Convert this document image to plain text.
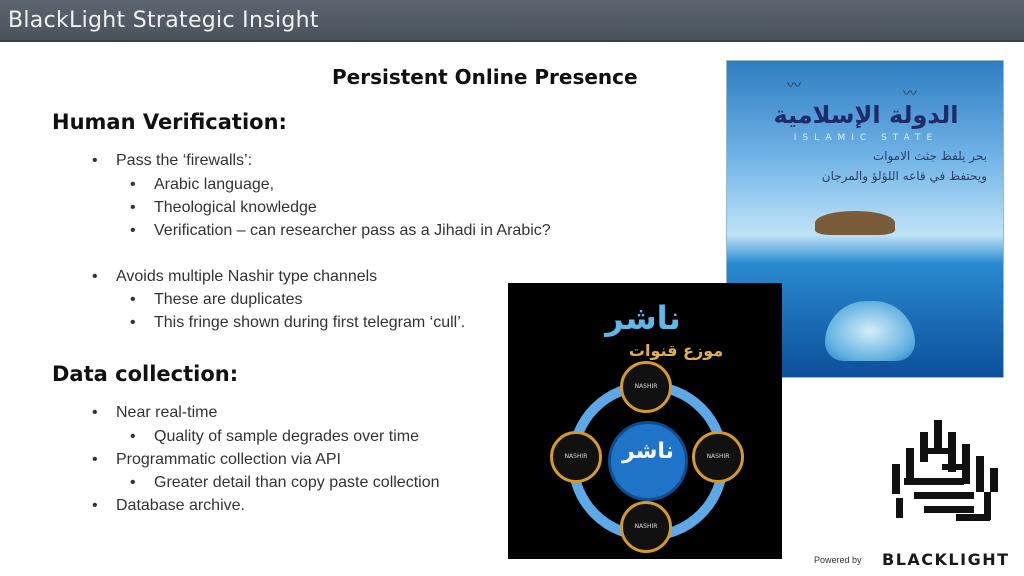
BlackLight Strategic Insight
Persistent Online Presence
Human Verification:
• Pass the ‘firewalls’:
• Arabic language,
• Theological knowledge
• Verification – can researcher pass as a Jihadi in Arabic?
• Avoids multiple Nashir type channels
• These are duplicates
• This fringe shown during first telegram ‘cull’.
Data collection:
• Near real-time
• Quality of sample degrades over time
• Programmatic collection via API
• Greater detail than copy paste collection
• Database archive.
〰	〰
الدولة الإسلامية
ISLAMIC STATE
بحر يلفظ جثث الاموات
ويحتفظ في قاعه اللؤلؤ والمرجان
ناشر
موزع قنوات
ناشر
NASHIR
NASHIR	NASHIR
NASHIR
Powered by BLACKLIGHT
